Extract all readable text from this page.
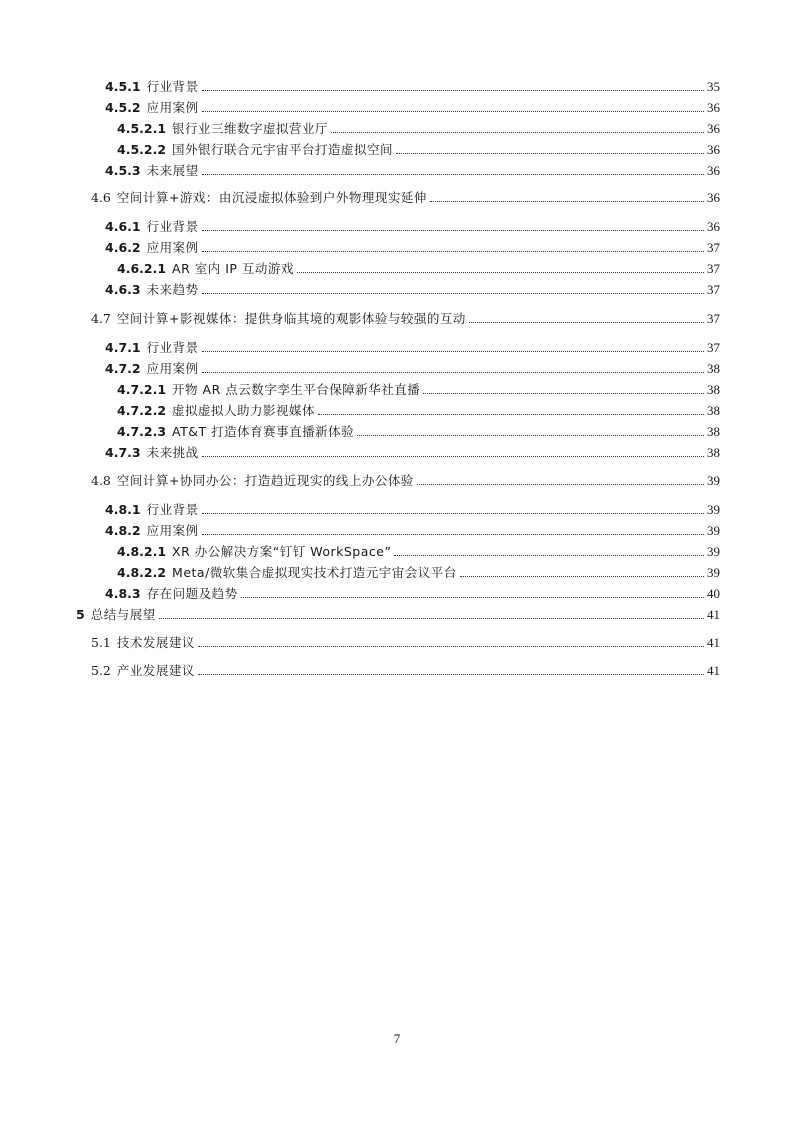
4.5.1 行业背景	35
4.5.2 应用案例	36
4.5.2.1 银行业三维数字虚拟营业厅	36
4.5.2.2 国外银行联合元宇宙平台打造虚拟空间	36
4.5.3 未来展望	36
4.6 空间计算+游戏：由沉浸虚拟体验到户外物理现实延伸	36
4.6.1 行业背景	36
4.6.2 应用案例	37
4.6.2.1 AR 室内 IP 互动游戏	37
4.6.3 未来趋势	37
4.7 空间计算+影视媒体：提供身临其境的观影体验与较强的互动	37
4.7.1 行业背景	37
4.7.2 应用案例	38
4.7.2.1 开物 AR 点云数字孪生平台保障新华社直播	38
4.7.2.2 虚拟虚拟人助力影视媒体	38
4.7.2.3 AT&T 打造体育赛事直播新体验	38
4.7.3 未来挑战	38
4.8 空间计算+协同办公：打造趋近现实的线上办公体验	39
4.8.1 行业背景	39
4.8.2 应用案例	39
4.8.2.1 XR 办公解决方案“钉钉 WorkSpace”	39
4.8.2.2 Meta/微软集合虚拟现实技术打造元宇宙会议平台	39
4.8.3 存在问题及趋势	40
5 总结与展望	41
5.1 技术发展建议	41
5.2 产业发展建议	41
7
